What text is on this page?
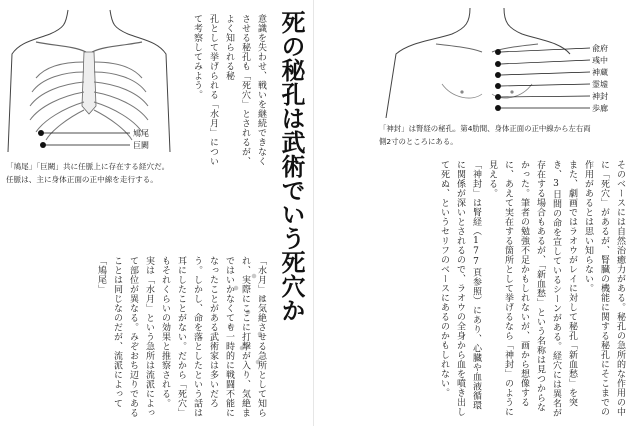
鳩尾
巨闕

「鳩尾」「巨闕」共に任脈上に存在する経穴だ。

任脈は、主に身体正面の正中線を走行する。	死の秘孔は武術でいう死穴か
意識を失わせ、戦いを継続できなくさせる秘孔も「死穴」とされるが、よく知られる秘
孔として挙げられる「水月」について考察してみよう。
「水月」は気絶させる急所として知られ、実際にここに打撃が入り、気絶まではいかなくても一時的に戦闘不能になったことがある武術家は多いだろう。しかし、命を落としたという話は耳にしたことがない。だから「死穴」もそれくらいの効果と推察される。
実は「水月」という急所は流派によって部位が異なる。みぞおち辺りであることは同じなのだが、流派によって「鳩尾」
兪府
彧中
神蔵
霊墟
神封
歩廊

「神封」は腎経の秘孔。第4肋間、身体正面の正中線から左右両

側2寸のところにある。

そのベースには自然治癒力がある。秘孔の急所的な作用の中に「死穴」があるが、腎臓の機能に関する秘孔にそこまでの作用があるとは思い知らない。
また、劇画ではラオウがレイに対して秘孔「新血愁」を突き、3日間の命を宣しているシーンがある。経穴には異名が存在する場合もあるが、「新血愁」という名称は見つからなかった。筆者の勉強不足かもしれないが、画から想像するに、あえて実在する箇所として挙げるなら「神封」のように見える。
「神封」は腎経（177頁参照）にあり、心臓や血液循環に関係が深いとされるので、ラオウの全身から血を噴き出して死ぬ、というセリフのベースにあるのかもしれない。
